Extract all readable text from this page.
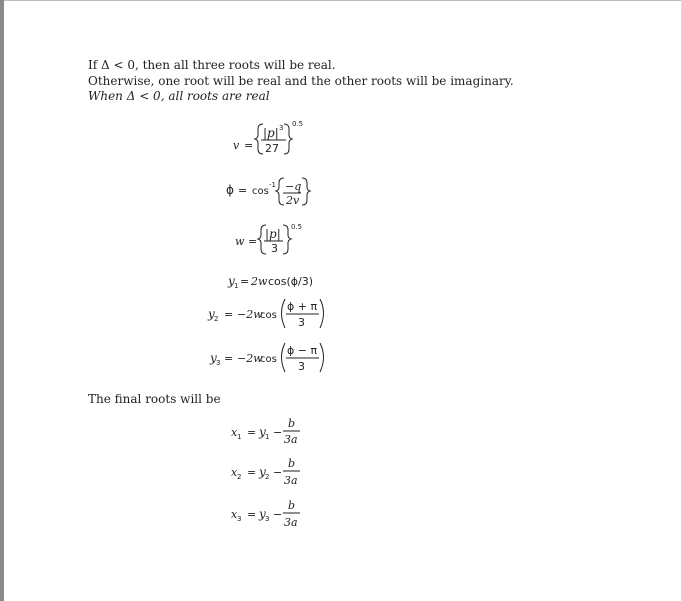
If Δ < 0, then all three roots will be real.
Otherwise, one root will be real and the other roots will be imaginary.
When Δ < 0, all roots are real
The final roots will be
v =
|p| 3
27
0.5
ϕ = cos
-1 −q
2v
w =
|p|
3
0.5
y 1 = 2w cos(ϕ/3)
y 2 = −2w
cos
ϕ + π
3
y 3 = −2w
cos
ϕ − π
3
x 1 = y 1 −
b
3a
x 2 = y 2 −
b
3a
x 3 = y 3 −
b
3a
